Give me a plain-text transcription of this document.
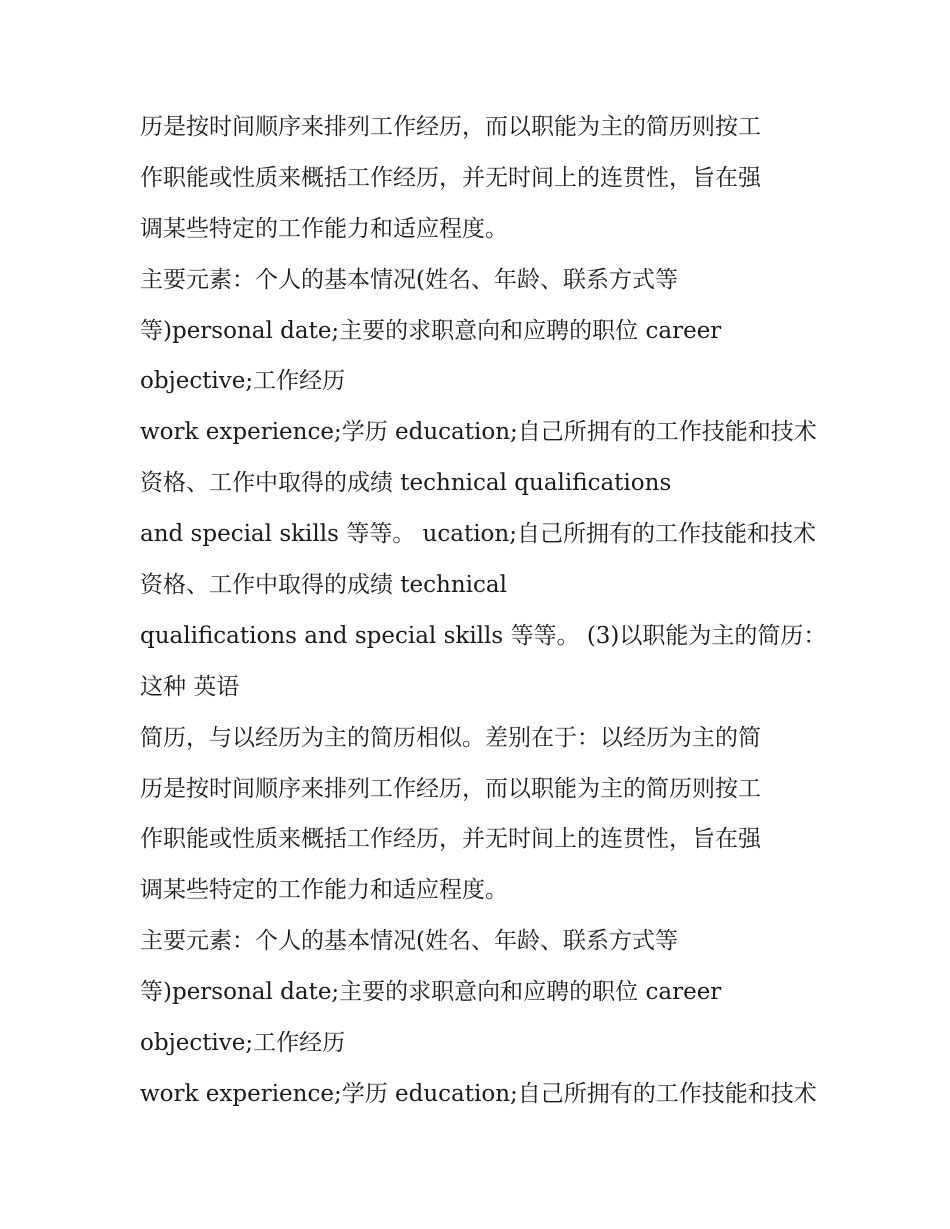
历是按时间顺序来排列工作经历，而以职能为主的简历则按工
作职能或性质来概括工作经历，并无时间上的连贯性，旨在强
调某些特定的工作能力和适应程度。
主要元素：个人的基本情况(姓名、年龄、联系方式等
等)personal date;主要的求职意向和应聘的职位 career
objective;工作经历
work experience;学历 education;自己所拥有的工作技能和技术
资格、工作中取得的成绩 technical qualifications
and special skills 等等。 ucation;自己所拥有的工作技能和技术
资格、工作中取得的成绩 technical
qualifications and special skills 等等。 (3)以职能为主的简历：
这种 英语
简历，与以经历为主的简历相似。差别在于：以经历为主的简
历是按时间顺序来排列工作经历，而以职能为主的简历则按工
作职能或性质来概括工作经历，并无时间上的连贯性，旨在强
调某些特定的工作能力和适应程度。
主要元素：个人的基本情况(姓名、年龄、联系方式等
等)personal date;主要的求职意向和应聘的职位 career
objective;工作经历
work experience;学历 education;自己所拥有的工作技能和技术
